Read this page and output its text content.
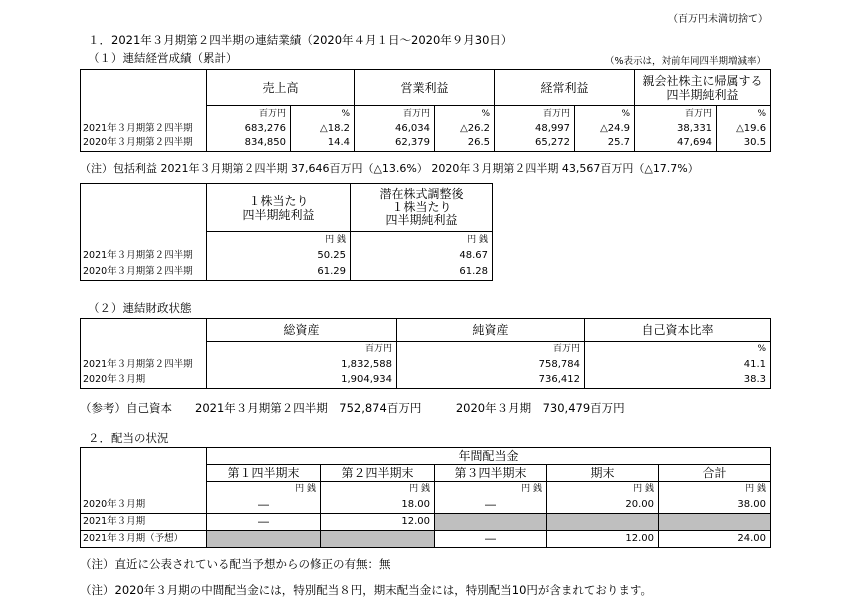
（百万円未満切捨て）
１．2021年３月期第２四半期の連結業績（2020年４月１日～2020年９月30日）
（１）連結経営成績（累計）	（%表示は，対前年同四半期増減率）
	売上高		営業利益		経常利益		親会社株主に帰属する
四半期純利益	
	百万円	%	百万円	%	百万円	%	百万円	%
2021年３月期第２四半期	683,276	△18.2	46,034	△26.2	48,997	△24.9	38,331	△19.6
2020年３月期第２四半期	834,850	14.4	62,379	26.5	65,272	25.7	47,694	30.5
（注）包括利益 2021年３月期第２四半期 37,646百万円（△13.6%） 2020年３月期第２四半期 43,567百万円（△17.7%）
	１株当たり
四半期純利益	潜在株式調整後
１株当たり
四半期純利益
	円 銭	円 銭
2021年３月期第２四半期	50.25	48.67
2020年３月期第２四半期	61.29	61.28
（２）連結財政状態
	総資産	純資産	自己資本比率
	百万円	百万円	%
2021年３月期第２四半期	1,832,588	758,784	41.1
2020年３月期	1,904,934	736,412	38.3
（参考）自己資本　　2021年３月期第２四半期　752,874百万円　　　2020年３月期　730,479百万円
２．配当の状況
	年間配当金				
	第１四半期末	第２四半期末	第３四半期末	期末	合計
	円 銭	円 銭	円 銭	円 銭	円 銭
2020年３月期	―	18.00	―	20.00	38.00
2021年３月期	―	12.00			
2021年３月期（予想）			―	12.00	24.00
（注）直近に公表されている配当予想からの修正の有無：無
（注）2020年３月期の中間配当金には，特別配当８円，期末配当金には，特別配当10円が含まれております。
